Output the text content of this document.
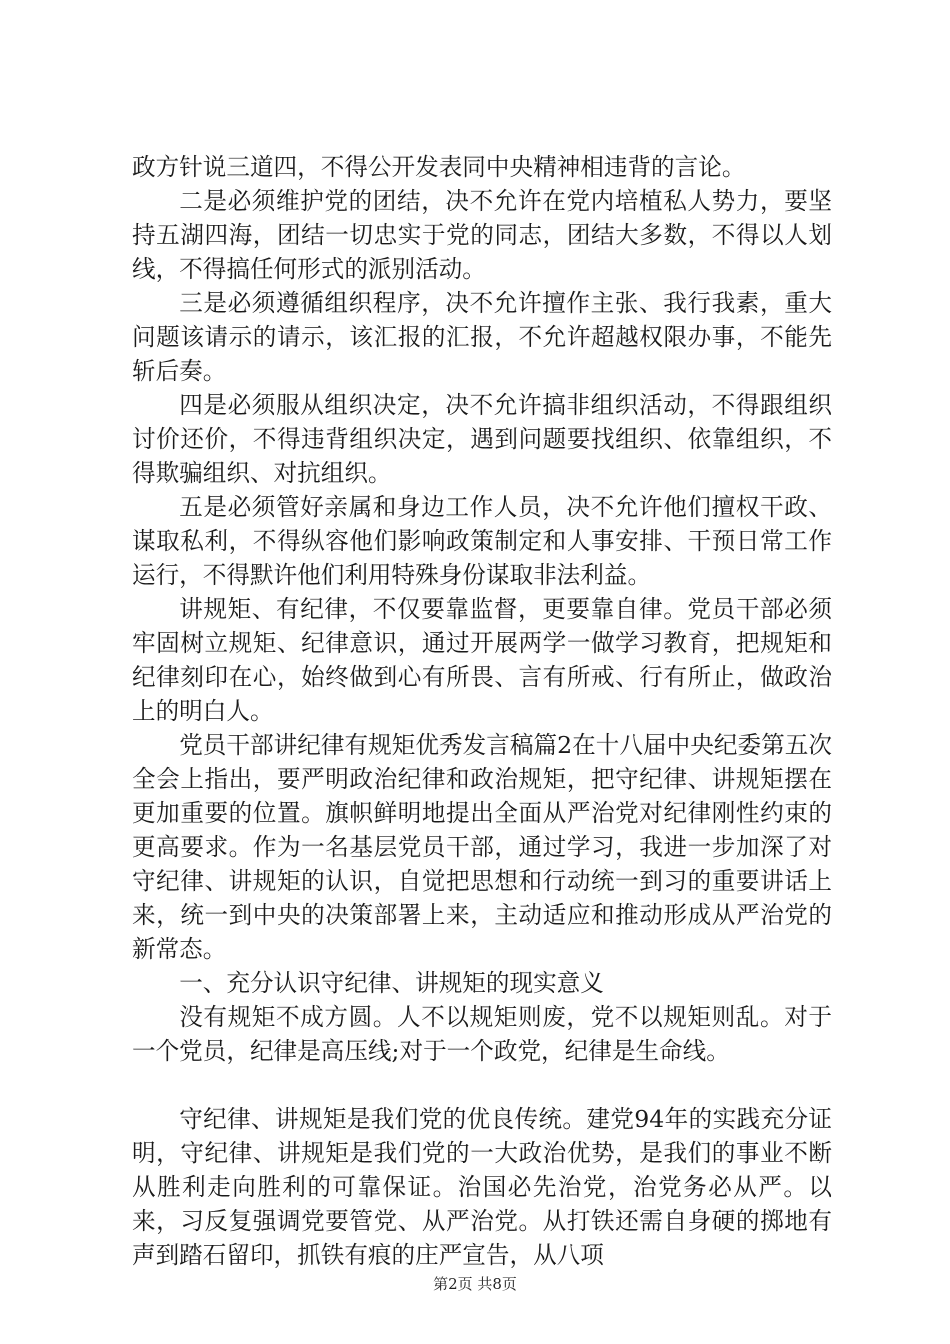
政方针说三道四，不得公开发表同中央精神相违背的言论。

二是必须维护党的团结，决不允许在党内培植私人势力，要坚持五湖四海，团结一切忠实于党的同志，团结大多数，不得以人划线，不得搞任何形式的派别活动。

三是必须遵循组织程序，决不允许擅作主张、我行我素，重大问题该请示的请示，该汇报的汇报，不允许超越权限办事，不能先斩后奏。

四是必须服从组织决定，决不允许搞非组织活动，不得跟组织讨价还价，不得违背组织决定，遇到问题要找组织、依靠组织，不得欺骗组织、对抗组织。

五是必须管好亲属和身边工作人员，决不允许他们擅权干政、谋取私利，不得纵容他们影响政策制定和人事安排、干预日常工作运行，不得默许他们利用特殊身份谋取非法利益。

讲规矩、有纪律，不仅要靠监督，更要靠自律。党员干部必须牢固树立规矩、纪律意识，通过开展两学一做学习教育，把规矩和纪律刻印在心，始终做到心有所畏、言有所戒、行有所止，做政治上的明白人。

党员干部讲纪律有规矩优秀发言稿篇2在十八届中央纪委第五次全会上指出，要严明政治纪律和政治规矩，把守纪律、讲规矩摆在更加重要的位置。旗帜鲜明地提出全面从严治党对纪律刚性约束的更高要求。作为一名基层党员干部，通过学习，我进一步加深了对守纪律、讲规矩的认识，自觉把思想和行动统一到习的重要讲话上来，统一到中央的决策部署上来，主动适应和推动形成从严治党的新常态。

一、充分认识守纪律、讲规矩的现实意义

没有规矩不成方圆。人不以规矩则废，党不以规矩则乱。对于一个党员，纪律是高压线;对于一个政党，纪律是生命线。

守纪律、讲规矩是我们党的优良传统。建党94年的实践充分证明，守纪律、讲规矩是我们党的一大政治优势，是我们的事业不断从胜利走向胜利的可靠保证。治国必先治党，治党务必从严。以来，习反复强调党要管党、从严治党。从打铁还需自身硬的掷地有声到踏石留印，抓铁有痕的庄严宣告，从八项

第2页 共8页
